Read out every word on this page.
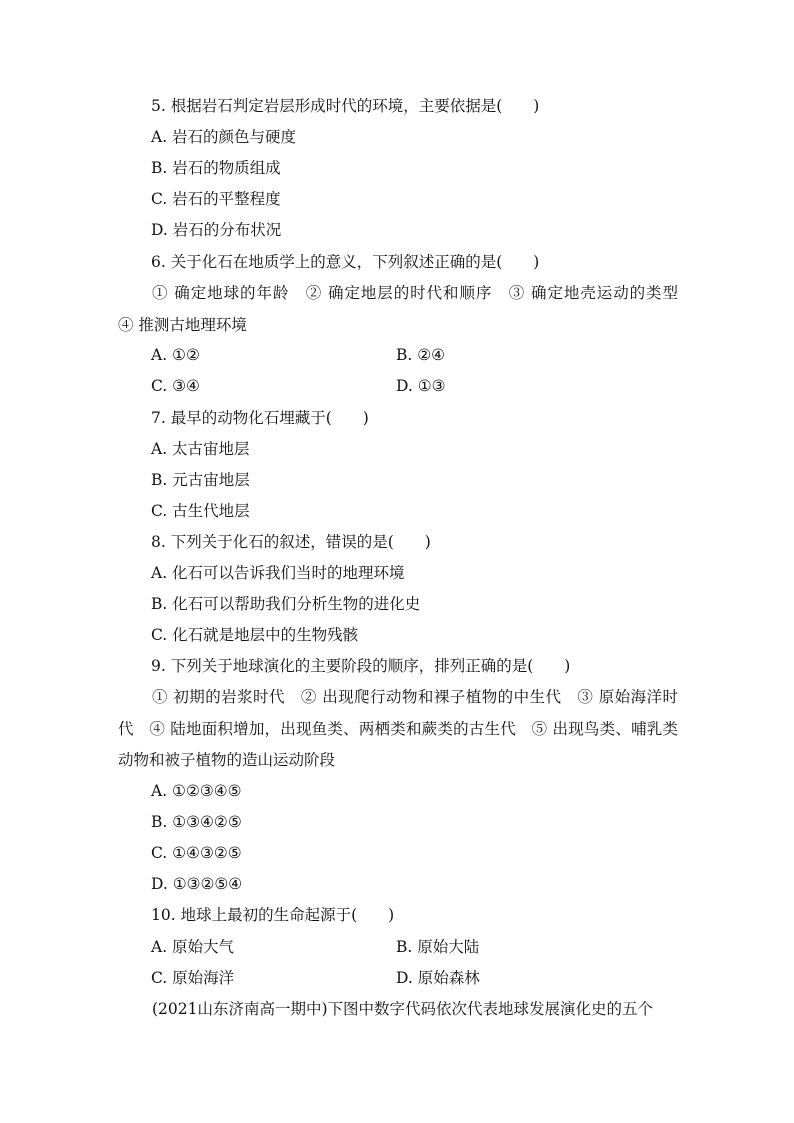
5. 根据岩石判定岩层形成时代的环境，主要依据是(　　)
A. 岩石的颜色与硬度
B. 岩石的物质组成
C. 岩石的平整程度
D. 岩石的分布状况
6. 关于化石在地质学上的意义，下列叙述正确的是(　　)
① 确定地球的年龄　② 确定地层的时代和顺序　③ 确定地壳运动的类型　④ 推测古地理环境
A. ①②	B. ②④
C. ③④	D. ①③
7. 最早的动物化石埋藏于(　　)
A. 太古宙地层
B. 元古宙地层
C. 古生代地层
8. 下列关于化石的叙述，错误的是(　　)
A. 化石可以告诉我们当时的地理环境
B. 化石可以帮助我们分析生物的进化史
C. 化石就是地层中的生物残骸
9. 下列关于地球演化的主要阶段的顺序，排列正确的是(　　)
① 初期的岩浆时代　② 出现爬行动物和裸子植物的中生代　③ 原始海洋时代　④ 陆地面积增加，出现鱼类、两栖类和蕨类的古生代　⑤ 出现鸟类、哺乳类动物和被子植物的造山运动阶段
A. ①②③④⑤
B. ①③④②⑤
C. ①④③②⑤
D. ①③②⑤④
10. 地球上最初的生命起源于(　　)
A. 原始大气	B. 原始大陆
C. 原始海洋	D. 原始森林
(2021山东济南高一期中)下图中数字代码依次代表地球发展演化史的五个
